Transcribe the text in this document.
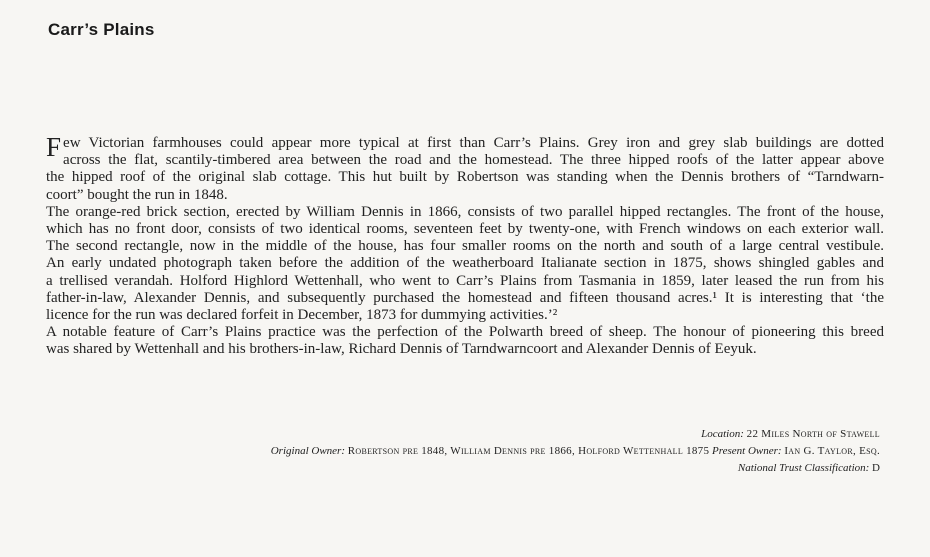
Carr’s Plains
F ew Victorian farmhouses could appear more typical at first than Carr’s Plains. Grey iron and grey slab buildings are dotted
across the flat, scantily-timbered area between the road and the homestead. The three hipped roofs of the latter appear above
the hipped roof of the original slab cottage. This hut built by Robertson was standing when the Dennis brothers of “Tarndwarn-
coort” bought the run in 1848.
The orange-red brick section, erected by William Dennis in 1866, consists of two parallel hipped rectangles. The front of the house,
which has no front door, consists of two identical rooms, seventeen feet by twenty-one, with French windows on each exterior wall.
The second rectangle, now in the middle of the house, has four smaller rooms on the north and south of a large central vestibule.
An early undated photograph taken before the addition of the weatherboard Italianate section in 1875, shows shingled gables and
a trellised verandah. Holford Highlord Wettenhall, who went to Carr’s Plains from Tasmania in 1859, later leased the run from his
father-in-law, Alexander Dennis, and subsequently purchased the homestead and fifteen thousand acres.¹ It is interesting that ‘the
licence for the run was declared forfeit in December, 1873 for dummying activities.’²
A notable feature of Carr’s Plains practice was the perfection of the Polwarth breed of sheep. The honour of pioneering this breed
was shared by Wettenhall and his brothers-in-law, Richard Dennis of Tarndwarncoort and Alexander Dennis of Eeyuk.
Location: 22 Miles North of Stawell
Original Owner: Robertson pre 1848, William Dennis pre 1866, Holford Wettenhall 1875 Present Owner: Ian G. Taylor, Esq.
National Trust Classification: D
